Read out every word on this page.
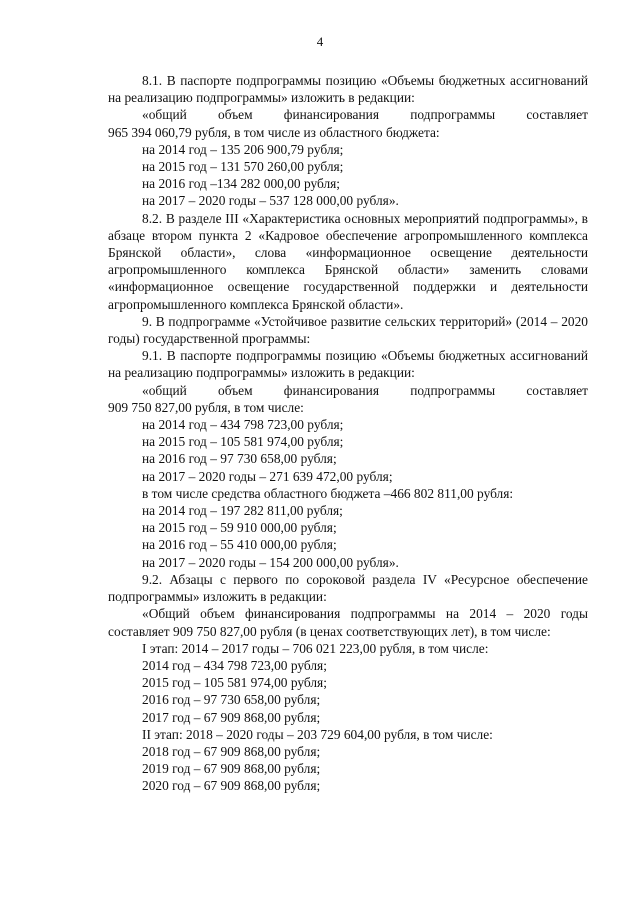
4

8.1. В паспорте подпрограммы позицию «Объемы бюджетных ассигнований на реализацию подпрограммы» изложить в редакции:

«общий объем финансирования подпрограммы составляет

965 394 060,79 рубля, в том числе из областного бюджета:

на 2014 год – 135 206 900,79 рубля;

на 2015 год – 131 570 260,00 рубля;

на 2016 год –134 282 000,00 рубля;

на 2017 – 2020 годы – 537 128 000,00 рубля».

8.2. В разделе III «Характеристика основных мероприятий подпрограммы», в абзаце втором пункта 2 «Кадровое обеспечение агропромышленного комплекса Брянской области», слова «информационное освещение деятельности агропромышленного комплекса Брянской области» заменить словами «информационное освещение государственной поддержки и деятельности агропромышленного комплекса Брянской области».

9. В подпрограмме «Устойчивое развитие сельских территорий» (2014 – 2020 годы) государственной программы:

9.1. В паспорте подпрограммы позицию «Объемы бюджетных ассигнований на реализацию подпрограммы» изложить в редакции:

«общий объем финансирования подпрограммы составляет

909 750 827,00 рубля, в том числе:

на 2014 год – 434 798 723,00 рубля;

на 2015 год – 105 581 974,00 рубля;

на 2016 год – 97 730 658,00 рубля;

на 2017 – 2020 годы – 271 639 472,00 рубля;

в том числе средства областного бюджета –466 802 811,00 рубля:

на 2014 год – 197 282 811,00 рубля;

на 2015 год – 59 910 000,00 рубля;

на 2016 год – 55 410 000,00 рубля;

на 2017 – 2020 годы – 154 200 000,00 рубля».

9.2. Абзацы с первого по сороковой раздела IV «Ресурсное обеспечение подпрограммы» изложить в редакции:

«Общий объем финансирования подпрограммы на 2014 – 2020 годы составляет 909 750 827,00 рубля (в ценах соответствующих лет), в том числе:

I этап: 2014 – 2017 годы – 706 021 223,00 рубля, в том числе:

2014 год – 434 798 723,00 рубля;

2015 год – 105 581 974,00 рубля;

2016 год – 97 730 658,00 рубля;

2017 год – 67 909 868,00 рубля;

II этап: 2018 – 2020 годы – 203 729 604,00 рубля, в том числе:

2018 год – 67 909 868,00 рубля;

2019 год – 67 909 868,00 рубля;

2020 год – 67 909 868,00 рубля;
